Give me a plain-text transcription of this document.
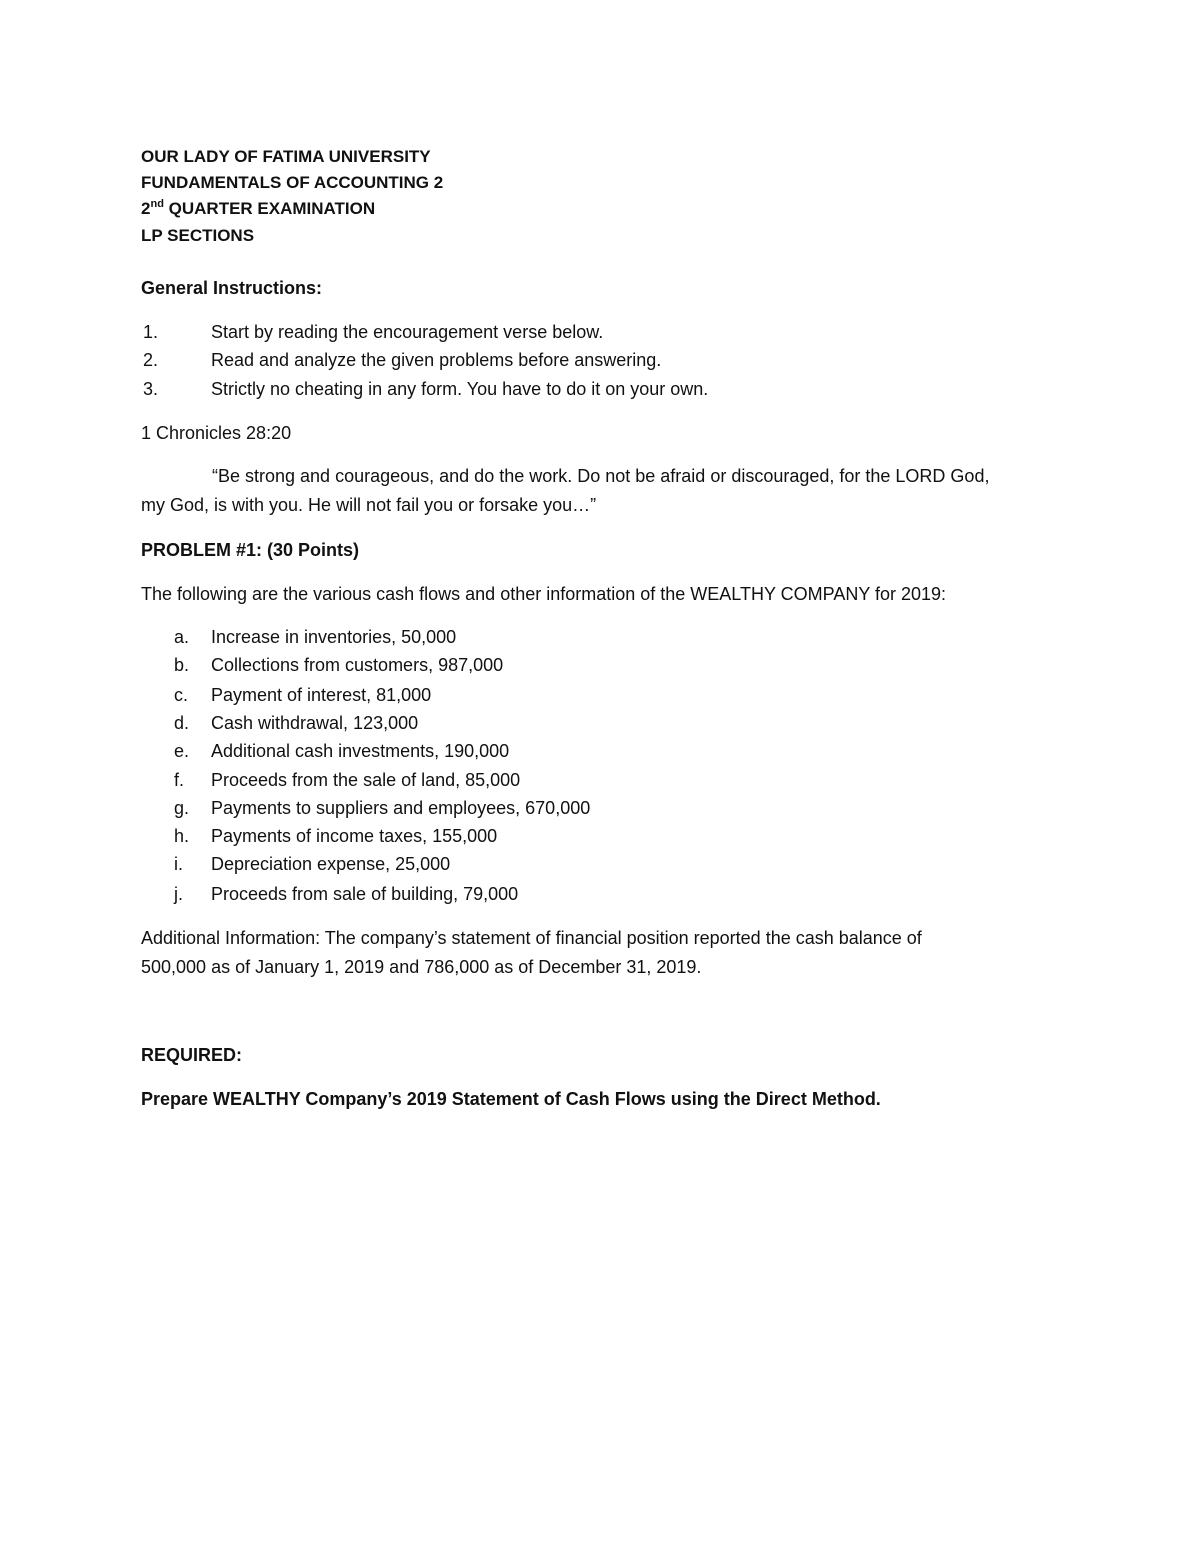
OUR LADY OF FATIMA UNIVERSITY
FUNDAMENTALS OF ACCOUNTING 2
2nd QUARTER EXAMINATION
LP SECTIONS
General Instructions:
1.	Start by reading the encouragement verse below.
2.	Read and analyze the given problems before answering.
3.	Strictly no cheating in any form. You have to do it on your own.
1 Chronicles 28:20
“Be strong and courageous, and do the work. Do not be afraid or discouraged, for the LORD God,
my God, is with you. He will not fail you or forsake you…”
PROBLEM #1: (30 Points)
The following are the various cash flows and other information of the WEALTHY COMPANY for 2019:
a.	Increase in inventories, 50,000
b.	Collections from customers, 987,000
c.	Payment of interest, 81,000
d.	Cash withdrawal, 123,000
e.	Additional cash investments, 190,000
f.	Proceeds from the sale of land, 85,000
g.	Payments to suppliers and employees, 670,000
h.	Payments of income taxes, 155,000
i.	Depreciation expense, 25,000
j.	Proceeds from sale of building, 79,000
Additional Information: The company’s statement of financial position reported the cash balance of
500,000 as of January 1, 2019 and 786,000 as of December 31, 2019.
REQUIRED:
Prepare WEALTHY Company’s 2019 Statement of Cash Flows using the Direct Method.
